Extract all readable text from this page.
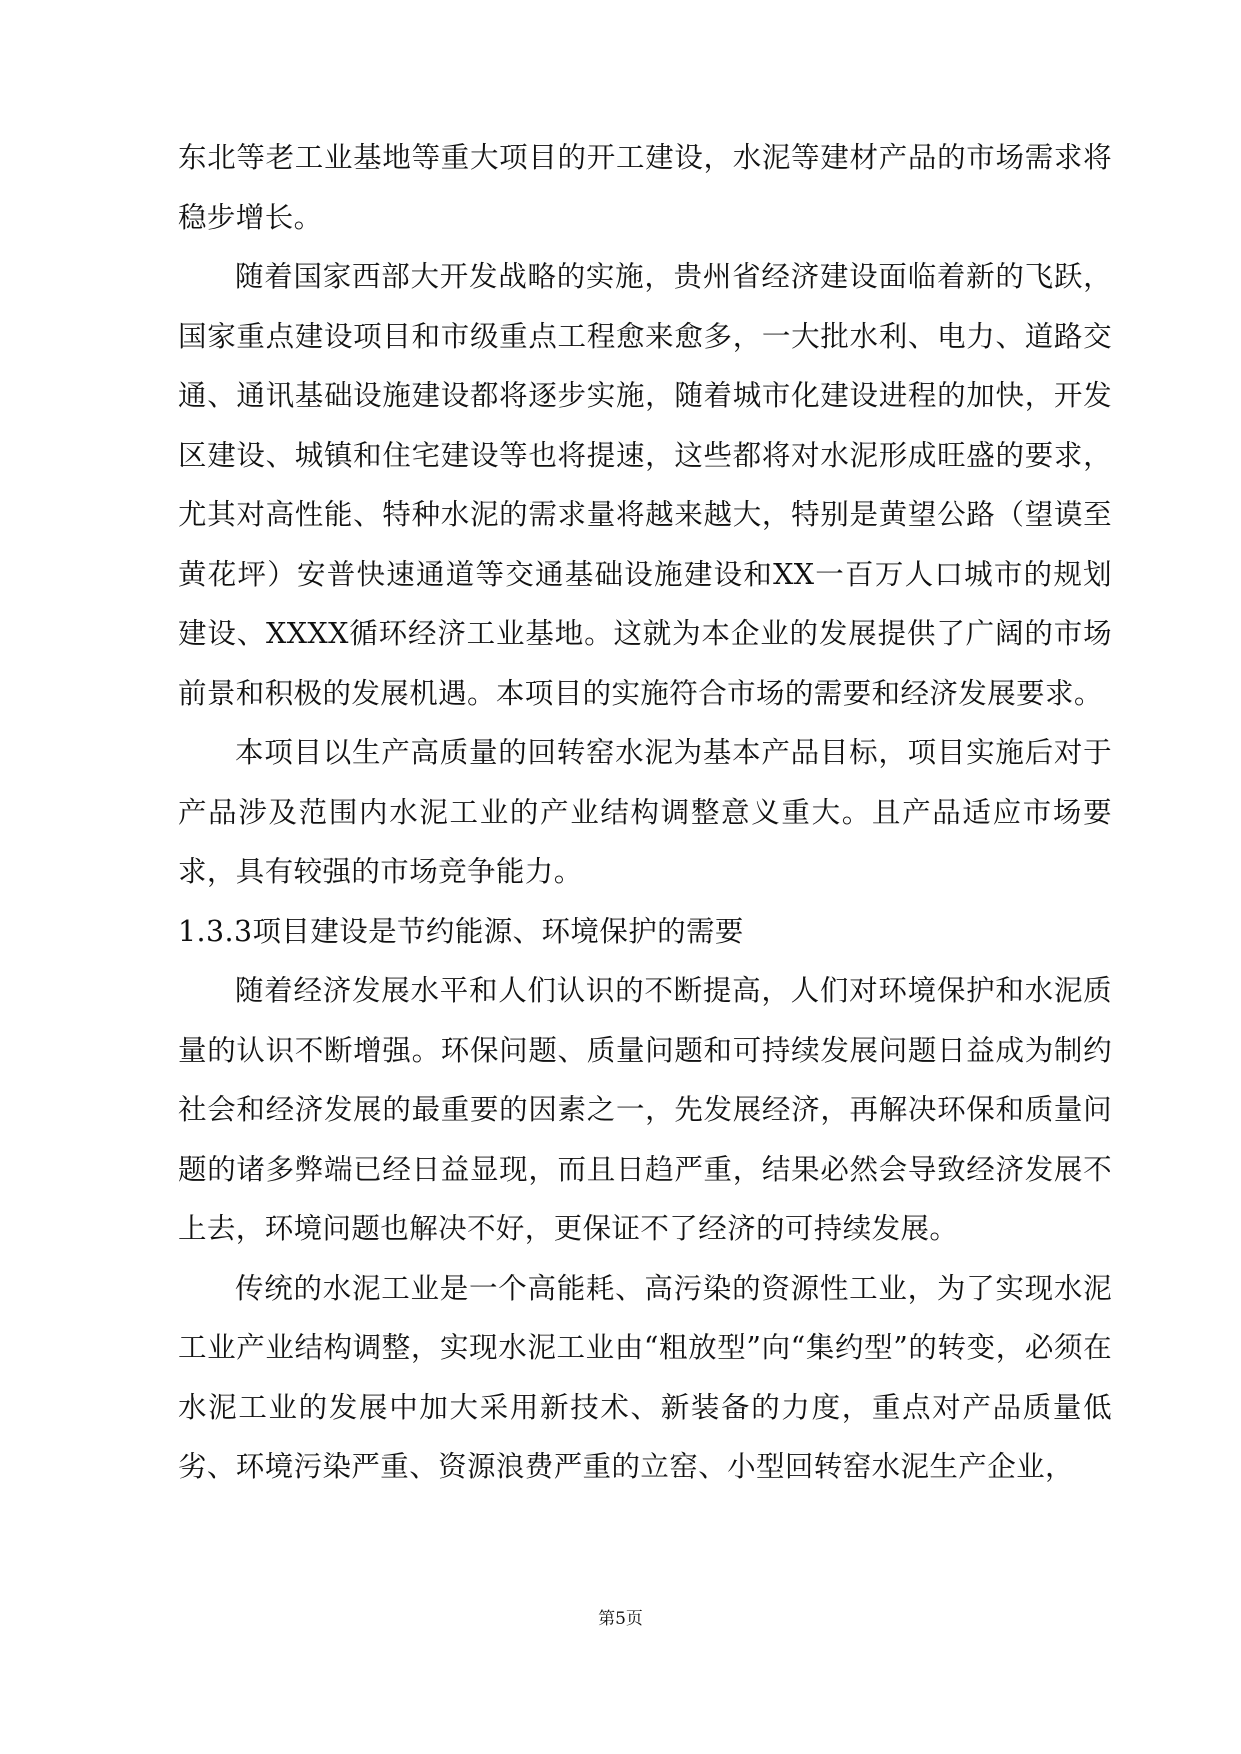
东北等老工业基地等重大项目的开工建设，水泥等建材产品的市场需求将稳步增长。

随着国家西部大开发战略的实施，贵州省经济建设面临着新的飞跃，国家重点建设项目和市级重点工程愈来愈多，一大批水利、电力、道路交通、通讯基础设施建设都将逐步实施，随着城市化建设进程的加快，开发区建设、城镇和住宅建设等也将提速，这些都将对水泥形成旺盛的要求，尤其对高性能、特种水泥的需求量将越来越大，特别是黄望公路（望谟至黄花坪）安普快速通道等交通基础设施建设和XX一百万人口城市的规划建设、XXXX循环经济工业基地。这就为本企业的发展提供了广阔的市场前景和积极的发展机遇。本项目的实施符合市场的需要和经济发展要求。

本项目以生产高质量的回转窑水泥为基本产品目标，项目实施后对于产品涉及范围内水泥工业的产业结构调整意义重大。且产品适应市场要求，具有较强的市场竞争能力。

1.3.3项目建设是节约能源、环境保护的需要

随着经济发展水平和人们认识的不断提高，人们对环境保护和水泥质量的认识不断增强。环保问题、质量问题和可持续发展问题日益成为制约社会和经济发展的最重要的因素之一，先发展经济，再解决环保和质量问题的诸多弊端已经日益显现，而且日趋严重，结果必然会导致经济发展不上去，环境问题也解决不好，更保证不了经济的可持续发展。

传统的水泥工业是一个高能耗、高污染的资源性工业，为了实现水泥工业产业结构调整，实现水泥工业由“粗放型”向“集约型”的转变，必须在水泥工业的发展中加大采用新技术、新装备的力度，重点对产品质量低劣、环境污染严重、资源浪费严重的立窑、小型回转窑水泥生产企业，

第5页
